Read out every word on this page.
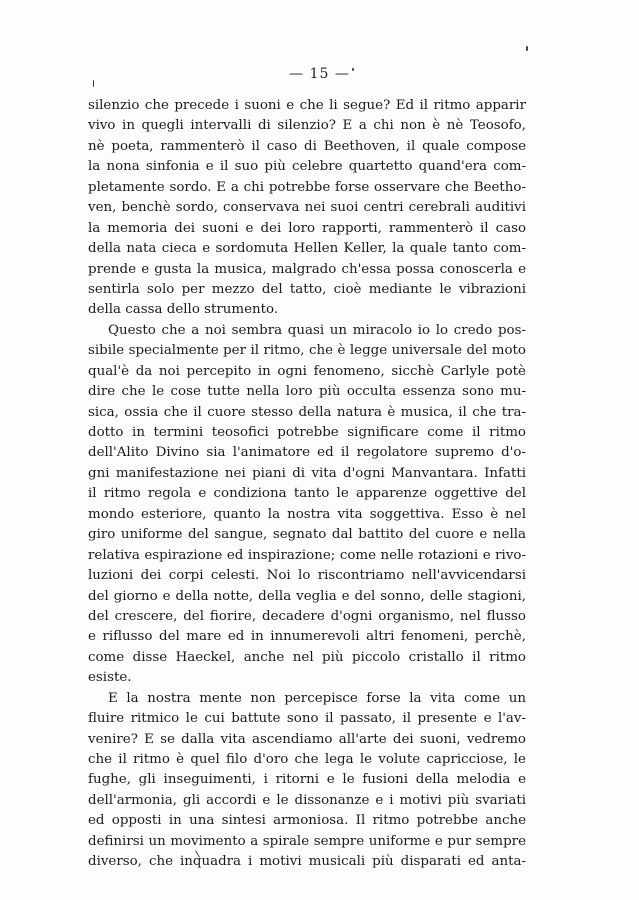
— 15 —
silenzio che precede i suoni e che li segue? Ed il ritmo apparir
vivo in quegli intervalli di silenzio? E a chi non è nè Teosofo,
nè poeta, rammenterò il caso di Beethoven, il quale compose
la nona sinfonia e il suo più celebre quartetto quand'era com-
pletamente sordo. E a chi potrebbe forse osservare che Beetho-
ven, benchè sordo, conservava nei suoi centri cerebrali auditivi
la memoria dei suoni e dei loro rapporti, rammenterò il caso
della nata cieca e sordomuta Hellen Keller, la quale tanto com-
prende e gusta la musica, malgrado ch'essa possa conoscerla e
sentirla solo per mezzo del tatto, cioè mediante le vibrazioni
della cassa dello strumento.
Questo che a noi sembra quasi un miracolo io lo credo pos-
sibile specialmente per il ritmo, che è legge universale del moto
qual'è da noi percepito in ogni fenomeno, sicchè Carlyle potè
dire che le cose tutte nella loro più occulta essenza sono mu-
sica, ossia che il cuore stesso della natura è musica, il che tra-
dotto in termini teosofici potrebbe significare come il ritmo
dell'Alito Divino sia l'animatore ed il regolatore supremo d'o-
gni manifestazione nei piani di vita d'ogni Manvantara. Infatti
il ritmo regola e condiziona tanto le apparenze oggettive del
mondo esteriore, quanto la nostra vita soggettiva. Esso è nel
giro uniforme del sangue, segnato dal battito del cuore e nella
relativa espirazione ed inspirazione; come nelle rotazioni e rivo-
luzioni dei corpi celesti. Noi lo riscontriamo nell'avvicendarsi
del giorno e della notte, della veglia e del sonno, delle stagioni,
del crescere, del fiorire, decadere d'ogni organismo, nel flusso
e riflusso del mare ed in innumerevoli altri fenomeni, perchè,
come disse Haeckel, anche nel più piccolo cristallo il ritmo
esiste.
E la nostra mente non percepisce forse la vita come un
fluire ritmico le cui battute sono il passato, il presente e l'av-
venire? E se dalla vita ascendiamo all'arte dei suoni, vedremo
che il ritmo è quel filo d'oro che lega le volute capricciose, le
fughe, gli inseguimenti, i ritorni e le fusioni della melodia e
dell'armonia, gli accordi e le dissonanze e i motivi più svariati
ed opposti in una sintesi armoniosa. Il ritmo potrebbe anche
definirsi un movimento a spirale sempre uniforme e pur sempre
diverso, che inquadra i motivi musicali più disparati ed anta-
